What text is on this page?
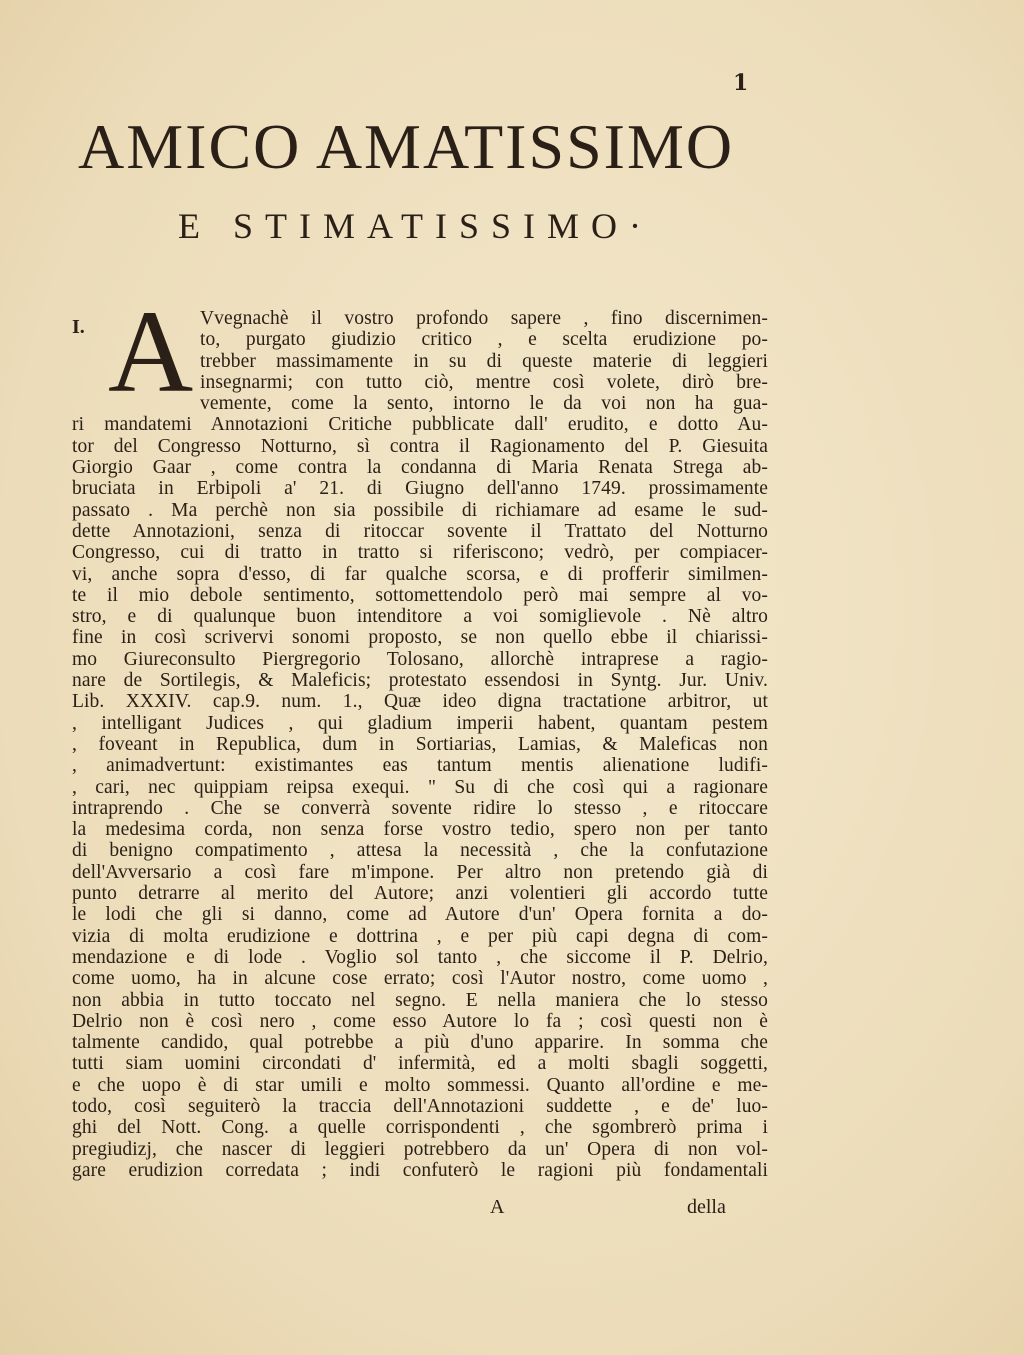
1
AMICO AMATISSIMO
E STIMATISSIMO·
I. A Vvegnachè il vostro profondo sapere , fino discernimen-
to, purgato giudizio critico , e scelta erudizione po-
trebber massimamente in su di queste materie di leggieri
insegnarmi; con tutto ciò, mentre così volete, dirò bre-
vemente, come la sento, intorno le da voi non ha gua-
ri mandatemi Annotazioni Critiche pubblicate dall' erudito, e dotto Au-
tor del Congresso Notturno, sì contra il Ragionamento del P. Giesuita
Giorgio Gaar , come contra la condanna di Maria Renata Strega ab-
bruciata in Erbipoli a' 21. di Giugno dell'anno 1749. prossimamente
passato . Ma perchè non sia possibile di richiamare ad esame le sud-
dette Annotazioni, senza di ritoccar sovente il Trattato del Notturno
Congresso, cui di tratto in tratto si riferiscono; vedrò, per compiacer-
vi, anche sopra d'esso, di far qualche scorsa, e di profferir similmen-
te il mio debole sentimento, sottomettendolo però mai sempre al vo-
stro, e di qualunque buon intenditore a voi somiglievole . Nè altro
fine in così scrivervi sonomi proposto, se non quello ebbe il chiarissi-
mo Giureconsulto Piergregorio Tolosano, allorchè intraprese a ragio-
nare de Sortilegis, & Maleficis; protestato essendosi in Syntg. Jur. Univ.
Lib. XXXIV. cap.9. num. 1., Quæ ideo digna tractatione arbitror, ut
, intelligant Judices , qui gladium imperii habent, quantam pestem
, foveant in Republica, dum in Sortiarias, Lamias, & Maleficas non
, animadvertunt: existimantes eas tantum mentis alienatione ludifi-
, cari, nec quippiam reipsa exequi. " Su di che così qui a ragionare
intraprendo . Che se converrà sovente ridire lo stesso , e ritoccare
la medesima corda, non senza forse vostro tedio, spero non per tanto
di benigno compatimento , attesa la necessità , che la confutazione
dell'Avversario a così fare m'impone. Per altro non pretendo già di
punto detrarre al merito del Autore; anzi volentieri gli accordo tutte
le lodi che gli si danno, come ad Autore d'un' Opera fornita a do-
vizia di molta erudizione e dottrina , e per più capi degna di com-
mendazione e di lode . Voglio sol tanto , che siccome il P. Delrio,
come uomo, ha in alcune cose errato; così l'Autor nostro, come uomo ,
non abbia in tutto toccato nel segno. E nella maniera che lo stesso
Delrio non è così nero , come esso Autore lo fa ; così questi non è
talmente candido, qual potrebbe a più d'uno apparire. In somma che
tutti siam uomini circondati d' infermità, ed a molti sbagli soggetti,
e che uopo è di star umili e molto sommessi. Quanto all'ordine e me-
todo, così seguiterò la traccia dell'Annotazioni suddette , e de' luo-
ghi del Nott. Cong. a quelle corrispondenti , che sgombrerò prima i
pregiudizj, che nascer di leggieri potrebbero da un' Opera di non vol-
gare erudizion corredata ; indi confuterò le ragioni più fondamentali
A	della
